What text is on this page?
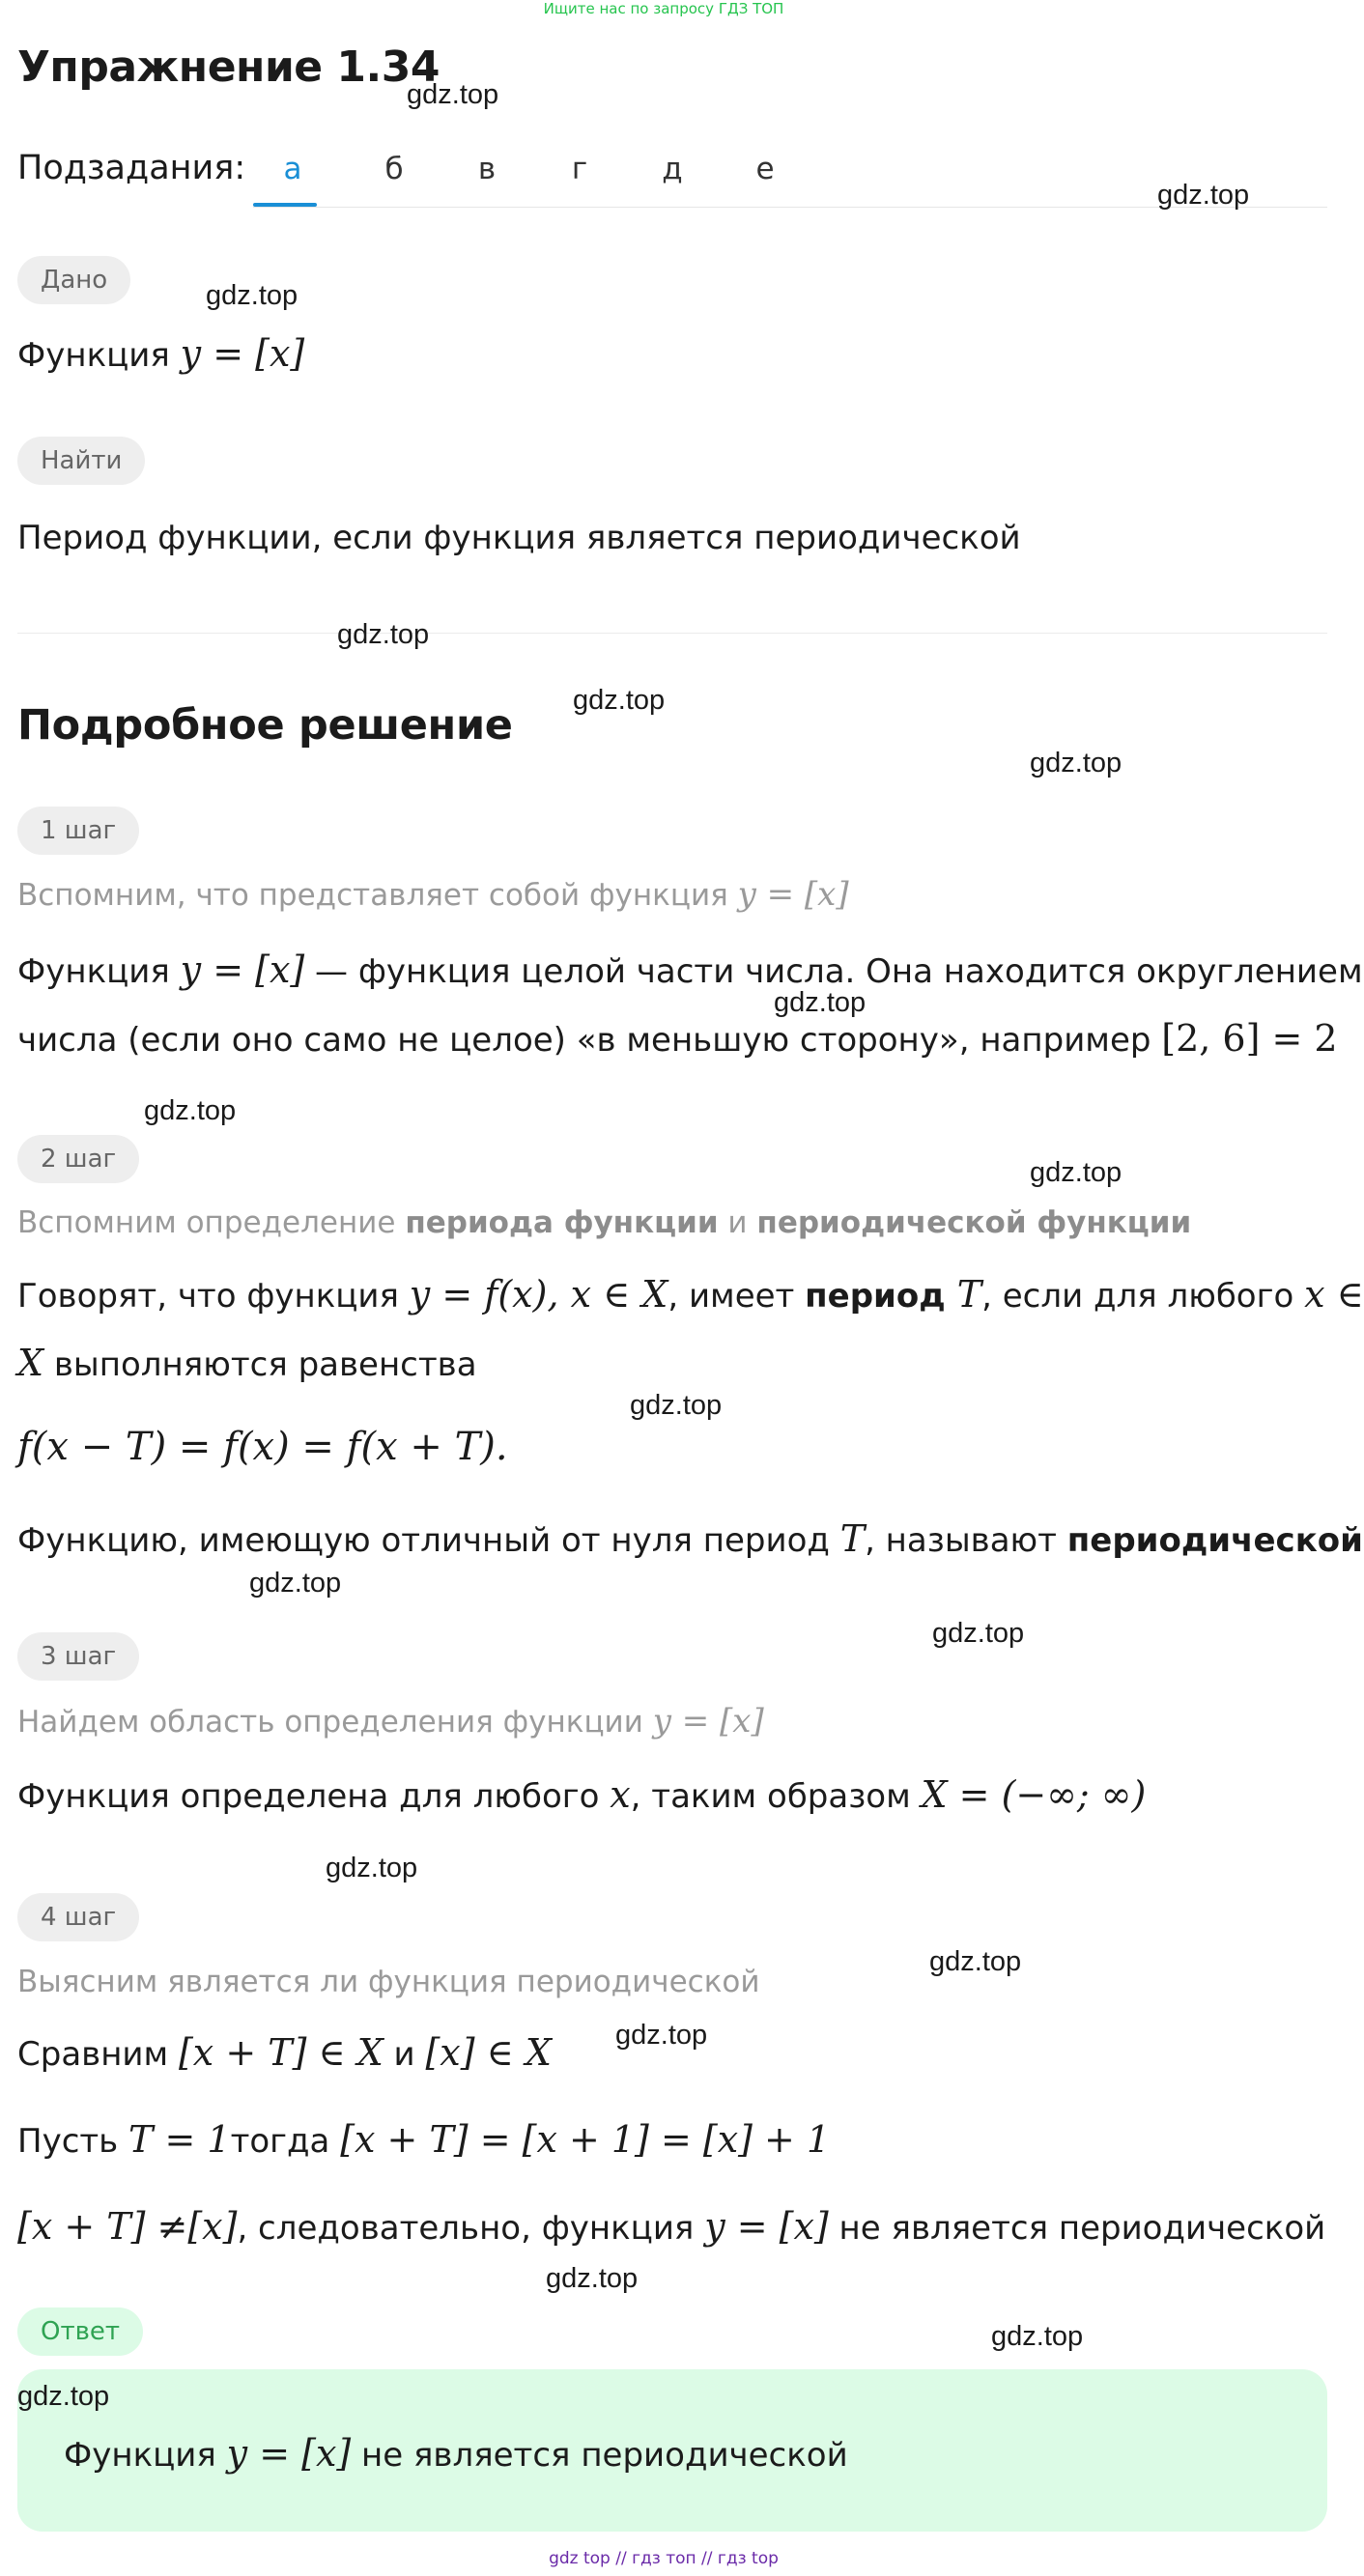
Ищите нас по запросу ГДЗ ТОП
Упражнение 1.34
Подзадания:	а	б	в	г	д	е
Дано
Функция y = [x]
Найти
Период функции, если функция является периодической
Подробное решение
1 шаг
Вспомним, что представляет собой функция y = [x]
Функция y = [x] — функция целой части числа. Она находится округлением
числа (если оно само не целое) «в меньшую сторону», например [2, 6] = 2
2 шаг
Вспомним определение периода функции и периодической функции
Говорят, что функция y = f(x), x ∈ X, имеет период T, если для любого x ∈
X выполняются равенства
f(x − T) = f(x) = f(x + T).
Функцию, имеющую отличный от нуля период T, называют периодической
3 шаг
Найдем область определения функции y = [x]
Функция определена для любого x, таким образом X = (−∞; ∞)
4 шаг
Выясним является ли функция периодической
Сравним [x + T] ∈ X и [x] ∈ X
Пусть T = 1тогда [x + T] = [x + 1] = [x] + 1
[x + T] ≠[x], следовательно, функция y = [x] не является периодической
Ответ
Функция y = [x] не является периодической
gdz.top
gdz.top
gdz.top
gdz.top
gdz.top
gdz.top
gdz.top
gdz.top
gdz.top
gdz.top
gdz.top
gdz.top
gdz.top
gdz.top
gdz.top
gdz.top
gdz.top
gdz.top
gdz top // гдз топ // гдз top
